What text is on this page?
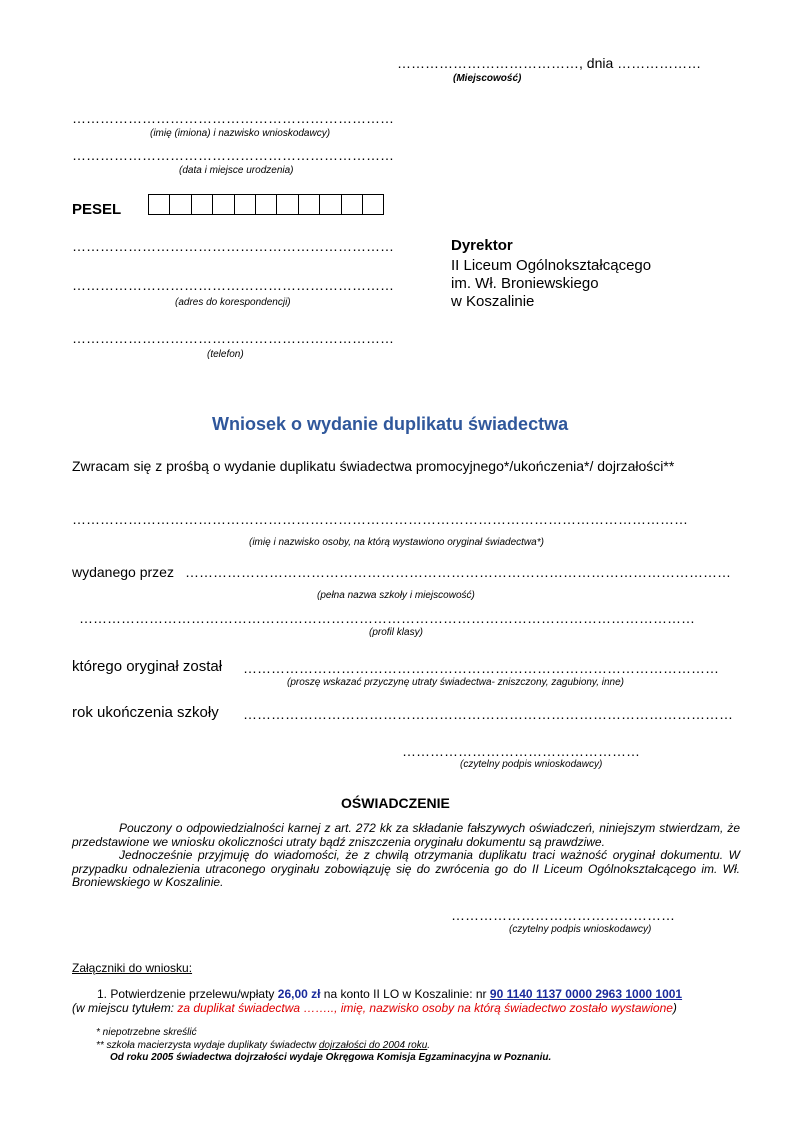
…………………………………, dnia ………………
(Miejscowość)
……………………………………………………………
(imię (imiona) i nazwisko wnioskodawcy)
……………………………………………………………
(data i miejsce urodzenia)
PESEL
……………………………………………………………
……………………………………………………………
(adres do korespondencji)
……………………………………………………………
(telefon)
Dyrektor
II Liceum Ogólnokształcącego
im. Wł. Broniewskiego
w Koszalinie
Wniosek o wydanie duplikatu świadectwa
Zwracam się z prośbą o wydanie duplikatu świadectwa promocyjnego*/ukończenia*/ dojrzałości**
……………………………………………………………………………………………………………………
(imię i nazwisko osoby, na którą wystawiono oryginał świadectwa*)
wydanego przez ………………………………………………………………………………………………………
(pełna nazwa szkoły i miejscowość)
……………………………………………………………………………………………………………………
(profil klasy)
którego oryginał został …………………………………………………………………………………………
(proszę wskazać przyczynę utraty świadectwa- zniszczony, zagubiony, inne)
rok ukończenia szkoły ……………………………………………………………………………………………
……………………………………………
(czytelny podpis wnioskodawcy)
OŚWIADCZENIE
Pouczony o odpowiedzialności karnej z art. 272 kk za składanie fałszywych oświadczeń, niniejszym stwierdzam, że przedstawione we wniosku okoliczności utraty bądź zniszczenia oryginału dokumentu są prawdziwe.
Jednocześnie przyjmuję do wiadomości, że z chwilą otrzymania duplikatu traci ważność oryginał dokumentu. W przypadku odnalezienia utraconego oryginału zobowiązuję się do zwrócenia go do II Liceum Ogólnokształcącego im. Wł. Broniewskiego w Koszalinie.
…………………………………………
(czytelny podpis wnioskodawcy)
Załączniki do wniosku:
1. Potwierdzenie przelewu/wpłaty 26,00 zł na konto II LO w Koszalinie: nr 90 1140 1137 0000 2963 1000 1001
(w miejscu tytułem: za duplikat świadectwa …….., imię, nazwisko osoby na którą świadectwo zostało wystawione)
* niepotrzebne skreślić
** szkoła macierzysta wydaje duplikaty świadectw dojrzałości do 2004 roku.
Od roku 2005 świadectwa dojrzałości wydaje Okręgowa Komisja Egzaminacyjna w Poznaniu.
